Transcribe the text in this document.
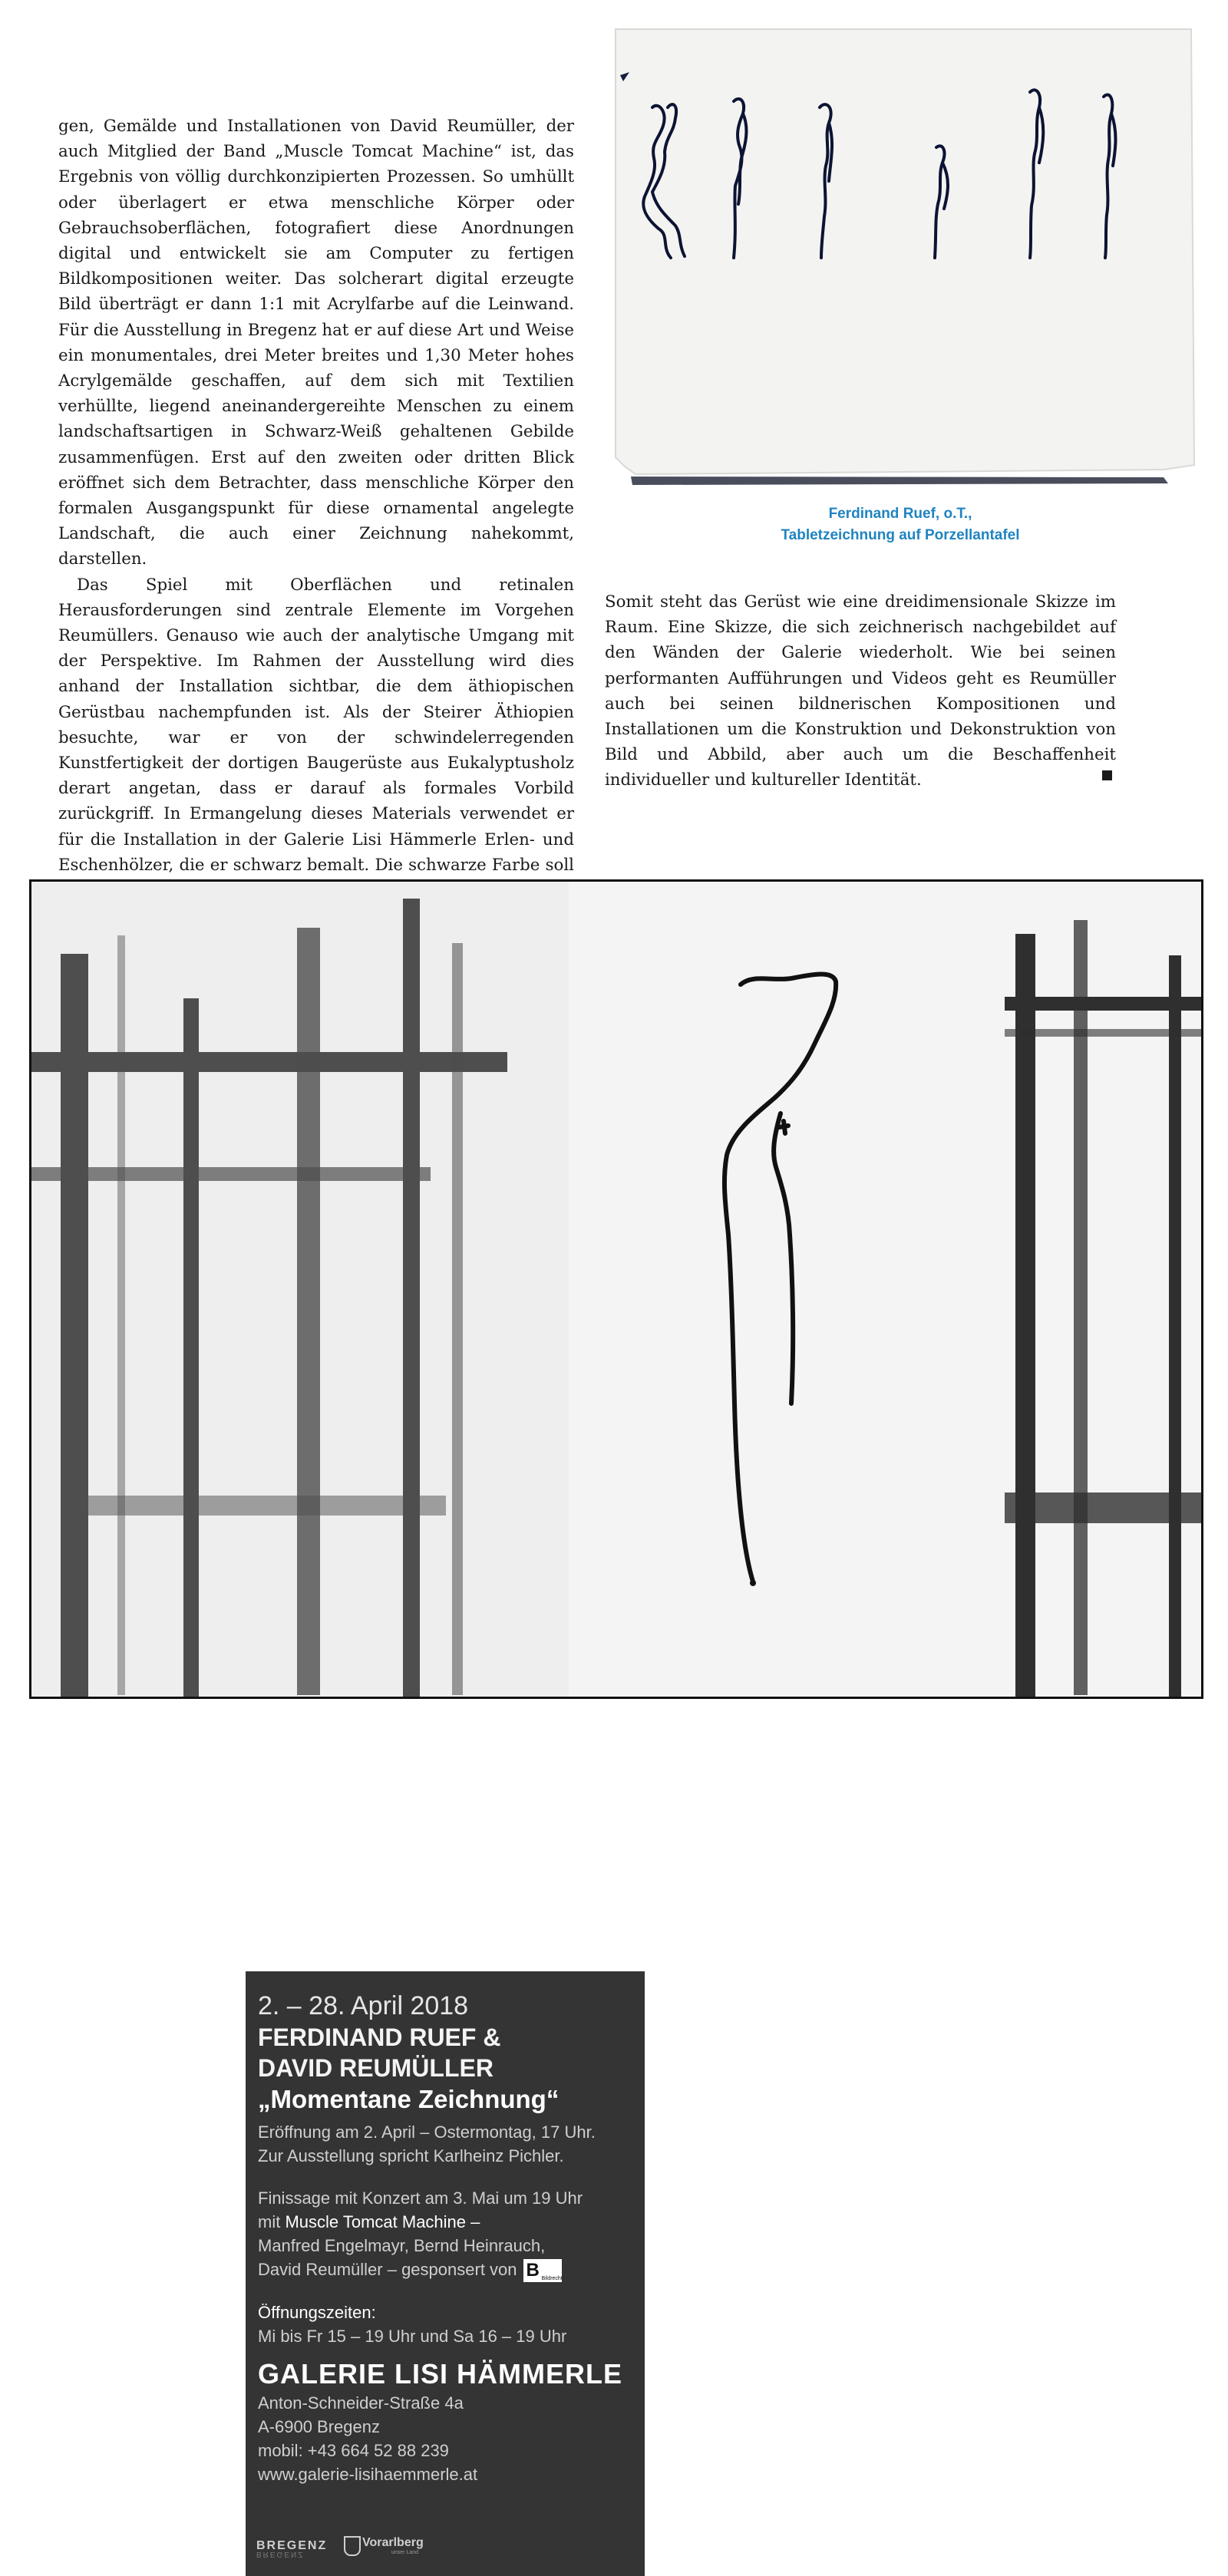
gen, Gemälde und Installationen von David Reumüller, der auch Mitglied der Band „Muscle Tomcat Machine“ ist, das Ergebnis von völlig durchkonzipierten Prozessen. So umhüllt oder überlagert er etwa menschliche Körper oder Gebrauchsoberflächen, fotografiert diese Anordnungen digital und entwickelt sie am Computer zu fertigen Bildkompositionen weiter. Das solcherart digital erzeugte Bild überträgt er dann 1:1 mit Acrylfarbe auf die Leinwand. Für die Ausstellung in Bregenz hat er auf diese Art und Weise ein monumentales, drei Meter breites und 1,30 Meter hohes Acrylgemälde geschaffen, auf dem sich mit Textilien verhüllte, liegend aneinandergereihte Menschen zu einem landschaftsartigen in Schwarz-Weiß gehaltenen Gebilde zusammenfügen. Erst auf den zweiten oder dritten Blick eröffnet sich dem Betrachter, dass menschliche Körper den formalen Ausgangspunkt für diese ornamental angelegte Landschaft, die auch einer Zeichnung nahekommt, darstellen.

Das Spiel mit Oberflächen und retinalen Herausforderungen sind zentrale Elemente im Vorgehen Reumüllers. Genauso wie auch der analytische Umgang mit der Perspektive. Im Rahmen der Ausstellung wird dies anhand der Installation sichtbar, die dem äthiopischen Gerüstbau nachempfunden ist. Als der Steirer Äthiopien besuchte, war er von der schwindelerregenden Kunstfertigkeit der dortigen Baugerüste aus Eukalyptusholz derart angetan, dass er darauf als formales Vorbild zurückgriff. In Ermangelung dieses Materials verwendet er für die Installation in der Galerie Lisi Hämmerle Erlen- und Eschenhölzer, die er schwarz bemalt. Die schwarze Farbe soll

Ferdinand Ruef, o.T.,
Tabletzeichnung auf Porzellantafel

Somit steht das Gerüst wie eine dreidimensionale Skizze im Raum. Eine Skizze, die sich zeichnerisch nachgebildet auf den Wänden der Galerie wiederholt. Wie bei seinen performanten Aufführungen und Videos geht es Reumüller auch bei seinen bildnerischen Kompositionen und Installationen um die Konstruktion und Dekonstruktion von Bild und Abbild, aber auch um die Beschaffenheit individueller und kultureller Identität.

2. – 28. April 2018
FERDINAND RUEF &
DAVID REUMÜLLER
„Momentane Zeichnung“
Eröffnung am 2. April – Ostermontag, 17 Uhr.
Zur Ausstellung spricht Karlheinz Pichler.
Finissage mit Konzert am 3. Mai um 19 Uhr
mit Muscle Tomcat Machine –
Manfred Engelmayr, Bernd Heinrauch,
David Reumüller – gesponsert von B Bildrecht
Öffnungszeiten:
Mi bis Fr 15 – 19 Uhr und Sa 16 – 19 Uhr
GALERIE LISI HÄMMERLE
Anton-Schneider-Straße 4a
A-6900 Bregenz
mobil: +43 664 52 88 239
www.galerie-lisihaemmerle.at
BREGENZ
BREGENZ
Vorarlberg
unser Land
